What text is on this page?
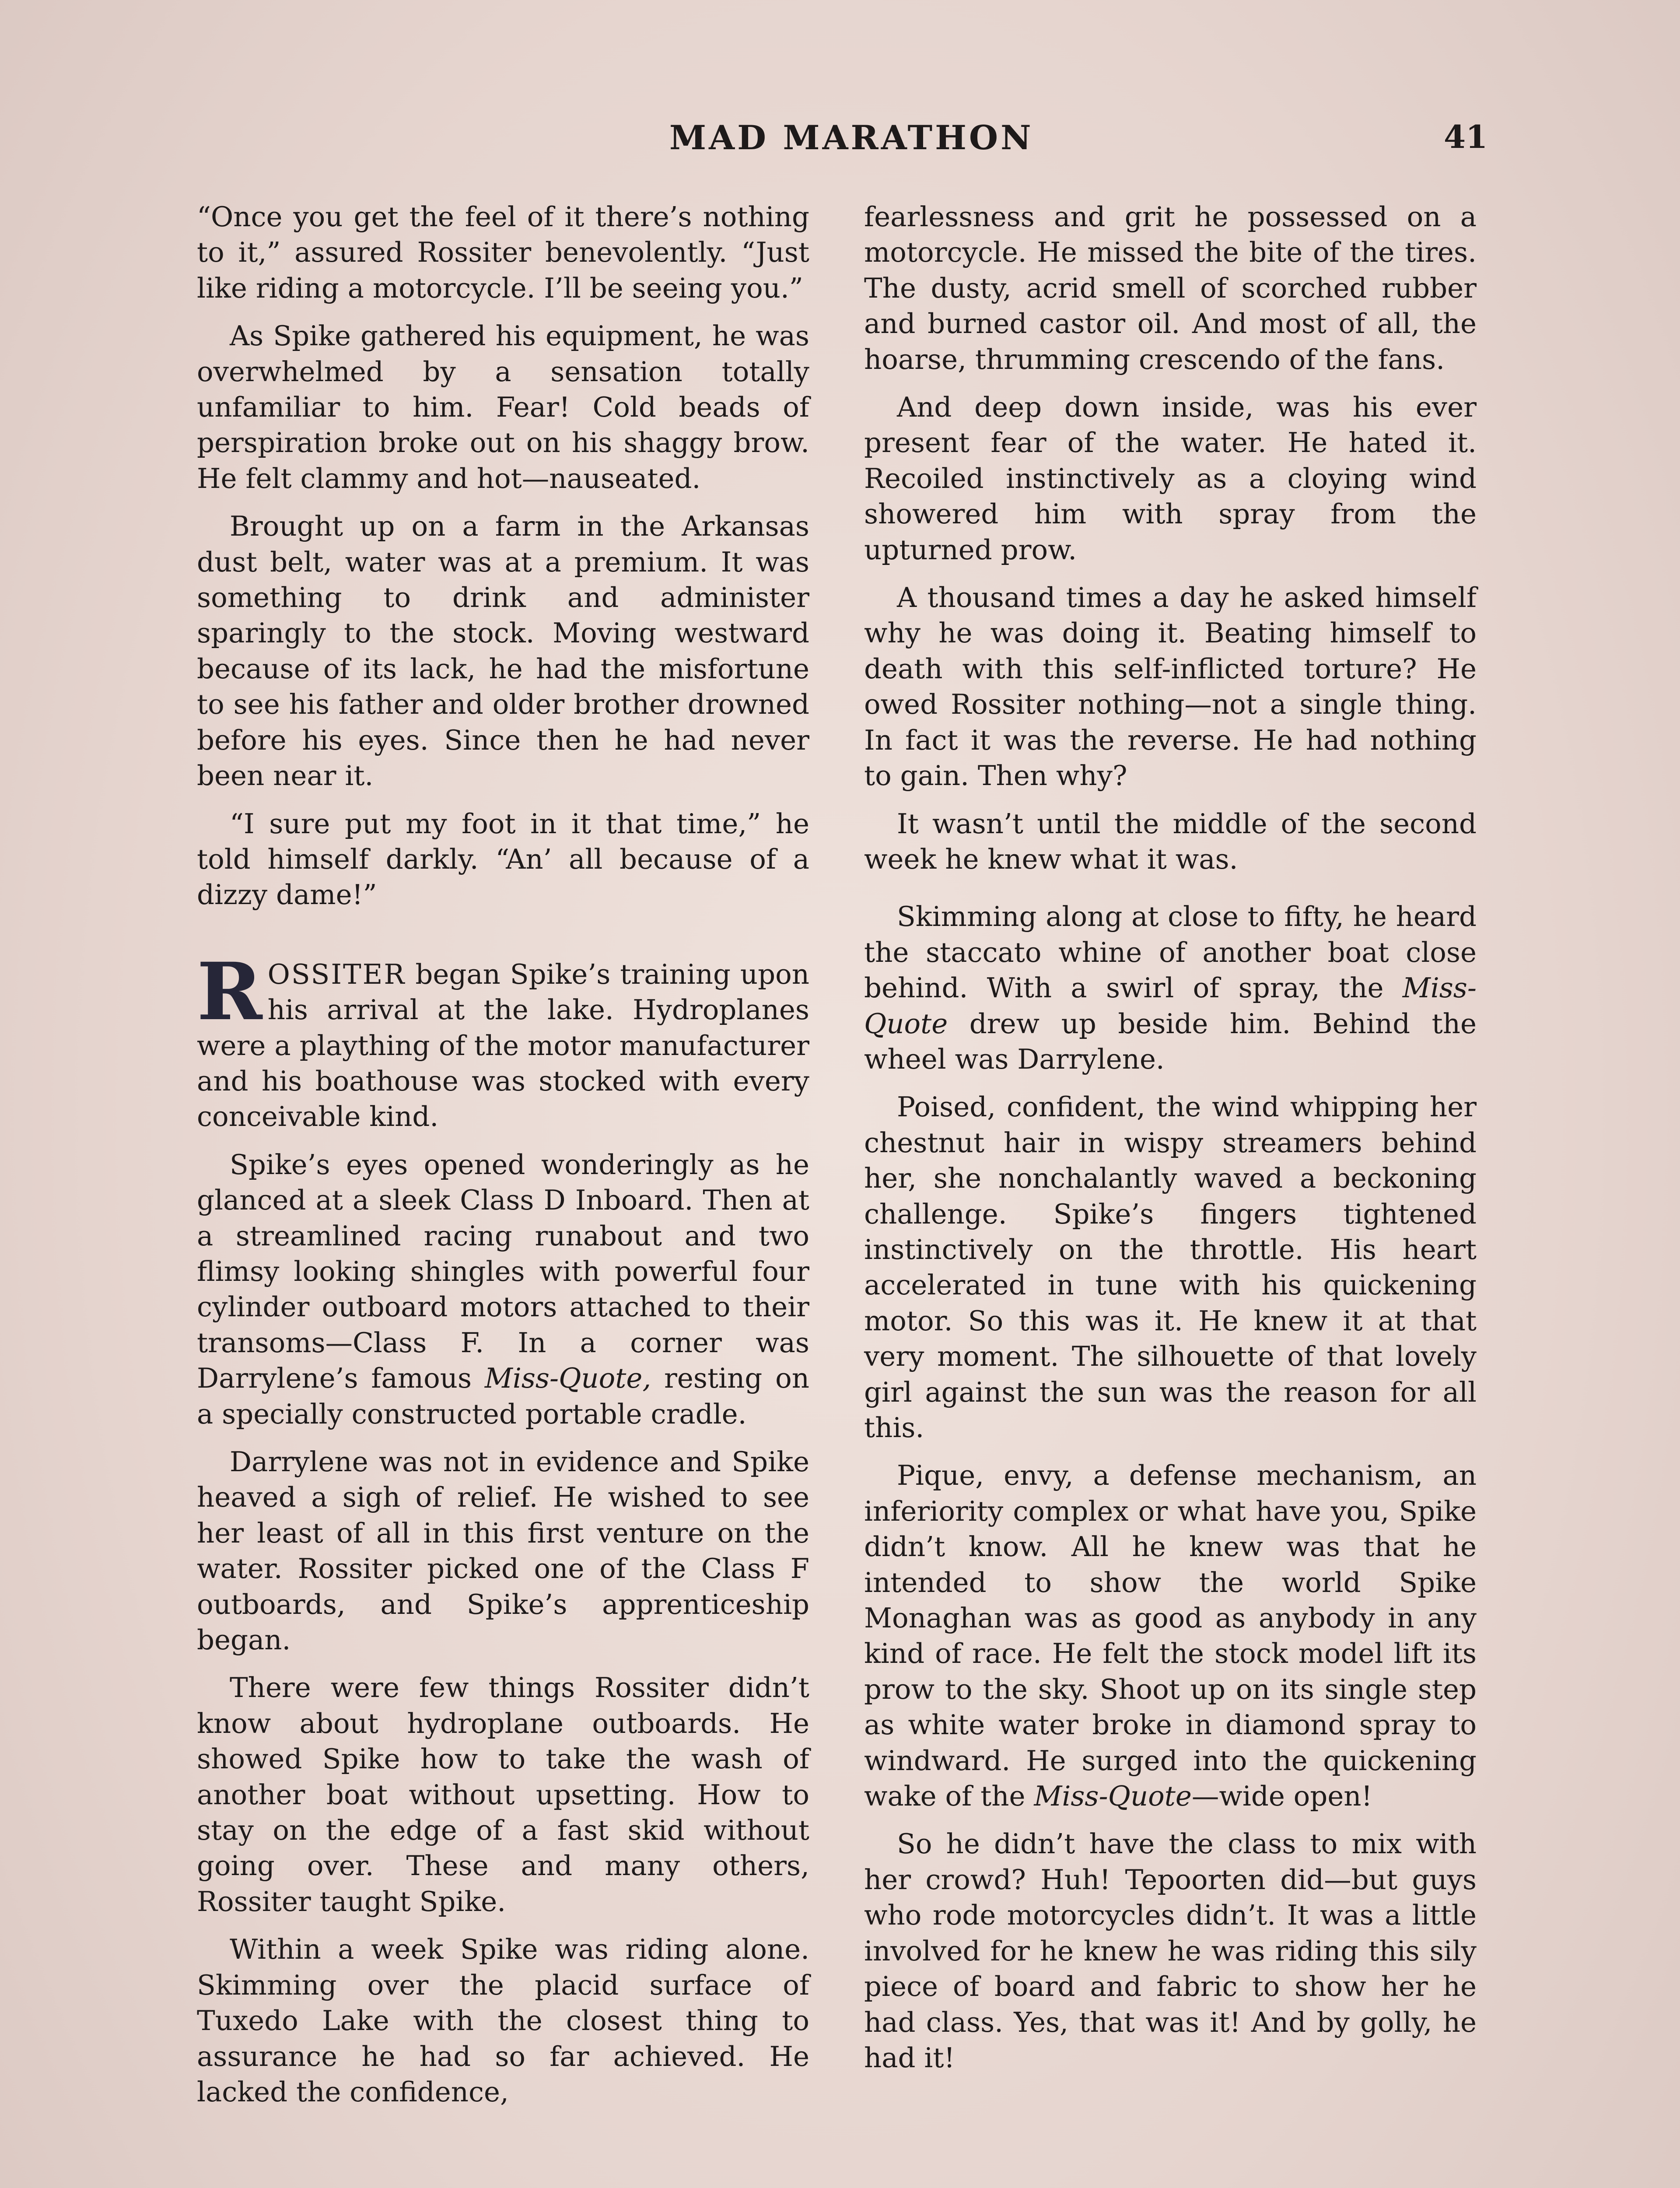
MAD MARATHON	41

“Once you get the feel of it there’s nothing to it,” assured Rossiter benevolently. “Just like riding a motorcycle. I’ll be seeing you.”

As Spike gathered his equipment, he was overwhelmed by a sensation totally unfamiliar to him. Fear! Cold beads of perspiration broke out on his shaggy brow. He felt clammy and hot—nauseated.

Brought up on a farm in the Arkansas dust belt, water was at a premium. It was something to drink and administer sparingly to the stock. Moving westward because of its lack, he had the misfortune to see his father and older brother drowned before his eyes. Since then he had never been near it.

“I sure put my foot in it that time,” he told himself darkly. “An’ all because of a dizzy dame!”

ROSSITER began Spike’s training upon his arrival at the lake. Hydroplanes were a plaything of the motor manufacturer and his boathouse was stocked with every conceivable kind.

Spike’s eyes opened wonderingly as he glanced at a sleek Class D Inboard. Then at a streamlined racing runabout and two flimsy looking shingles with powerful four cylinder outboard motors attached to their transoms—Class F. In a corner was Darrylene’s famous Miss-Quote, resting on a specially constructed portable cradle.

Darrylene was not in evidence and Spike heaved a sigh of relief. He wished to see her least of all in this first venture on the water. Rossiter picked one of the Class F outboards, and Spike’s apprenticeship began.

There were few things Rossiter didn’t know about hydroplane outboards. He showed Spike how to take the wash of another boat without upsetting. How to stay on the edge of a fast skid without going over. These and many others, Rossiter taught Spike.

Within a week Spike was riding alone. Skimming over the placid surface of Tuxedo Lake with the closest thing to assurance he had so far achieved. He lacked the confidence,

fearlessness and grit he possessed on a motorcycle. He missed the bite of the tires. The dusty, acrid smell of scorched rubber and burned castor oil. And most of all, the hoarse, thrumming crescendo of the fans.

And deep down inside, was his ever present fear of the water. He hated it. Recoiled instinctively as a cloying wind showered him with spray from the upturned prow.

A thousand times a day he asked himself why he was doing it. Beating himself to death with this self-inflicted torture? He owed Rossiter nothing—not a single thing. In fact it was the reverse. He had nothing to gain. Then why?

It wasn’t until the middle of the second week he knew what it was.

Skimming along at close to fifty, he heard the staccato whine of another boat close behind. With a swirl of spray, the Miss-Quote drew up beside him. Behind the wheel was Darrylene.

Poised, confident, the wind whipping her chestnut hair in wispy streamers behind her, she nonchalantly waved a beckoning challenge. Spike’s fingers tightened instinctively on the throttle. His heart accelerated in tune with his quickening motor. So this was it. He knew it at that very moment. The silhouette of that lovely girl against the sun was the reason for all this.

Pique, envy, a defense mechanism, an inferiority complex or what have you, Spike didn’t know. All he knew was that he intended to show the world Spike Monaghan was as good as anybody in any kind of race. He felt the stock model lift its prow to the sky. Shoot up on its single step as white water broke in diamond spray to windward. He surged into the quickening wake of the Miss-Quote—wide open!

So he didn’t have the class to mix with her crowd? Huh! Tepoorten did—but guys who rode motorcycles didn’t. It was a little involved for he knew he was riding this sily piece of board and fabric to show her he had class. Yes, that was it! And by golly, he had it!
